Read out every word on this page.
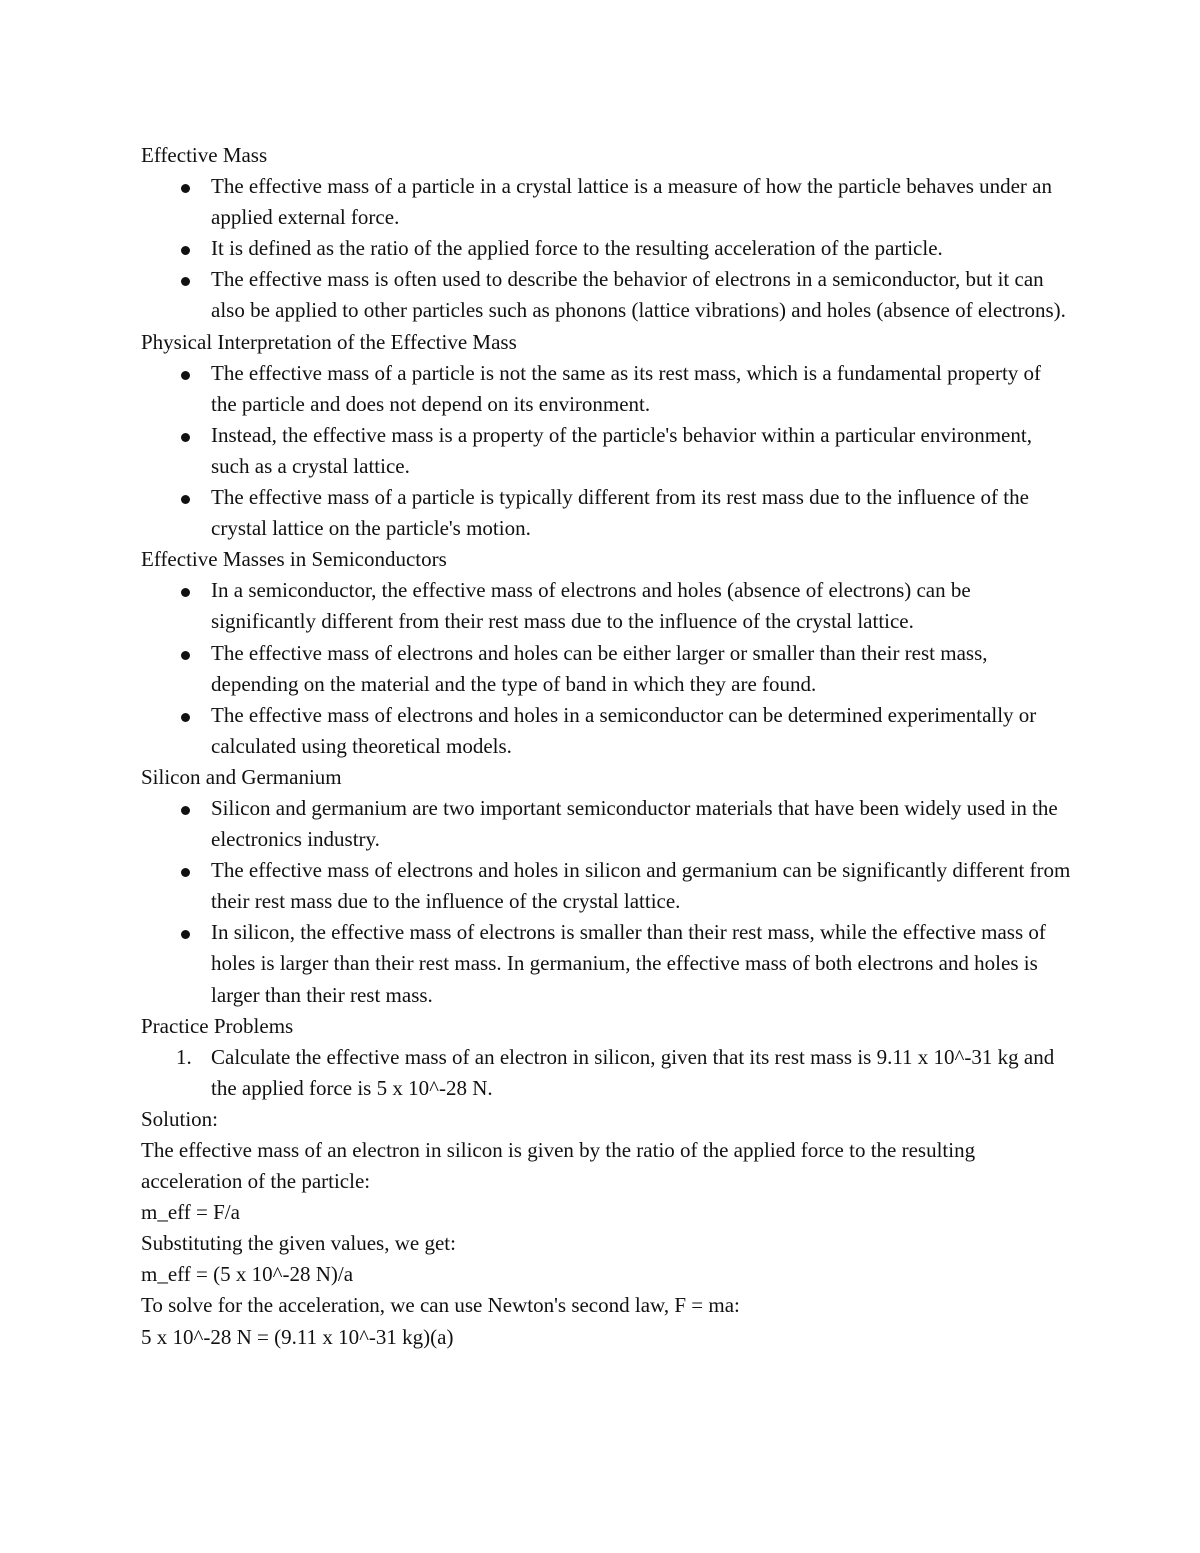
Effective Mass

The effective mass of a particle in a crystal lattice is a measure of how the particle behaves under an applied external force.
It is defined as the ratio of the applied force to the resulting acceleration of the particle.
The effective mass is often used to describe the behavior of electrons in a semiconductor, but it can also be applied to other particles such as phonons (lattice vibrations) and holes (absence of electrons).

Physical Interpretation of the Effective Mass

The effective mass of a particle is not the same as its rest mass, which is a fundamental property of the particle and does not depend on its environment.
Instead, the effective mass is a property of the particle's behavior within a particular environment, such as a crystal lattice.
The effective mass of a particle is typically different from its rest mass due to the influence of the crystal lattice on the particle's motion.

Effective Masses in Semiconductors

In a semiconductor, the effective mass of electrons and holes (absence of electrons) can be significantly different from their rest mass due to the influence of the crystal lattice.
The effective mass of electrons and holes can be either larger or smaller than their rest mass, depending on the material and the type of band in which they are found.
The effective mass of electrons and holes in a semiconductor can be determined experimentally or calculated using theoretical models.

Silicon and Germanium

Silicon and germanium are two important semiconductor materials that have been widely used in the electronics industry.
The effective mass of electrons and holes in silicon and germanium can be significantly different from their rest mass due to the influence of the crystal lattice.
In silicon, the effective mass of electrons is smaller than their rest mass, while the effective mass of holes is larger than their rest mass. In germanium, the effective mass of both electrons and holes is larger than their rest mass.

Practice Problems

1. Calculate the effective mass of an electron in silicon, given that its rest mass is 9.11 x 10^-31 kg and the applied force is 5 x 10^-28 N.

Solution:

The effective mass of an electron in silicon is given by the ratio of the applied force to the resulting acceleration of the particle:

m_eff = F/a

Substituting the given values, we get:

m_eff = (5 x 10^-28 N)/a

To solve for the acceleration, we can use Newton's second law, F = ma:

5 x 10^-28 N = (9.11 x 10^-31 kg)(a)
